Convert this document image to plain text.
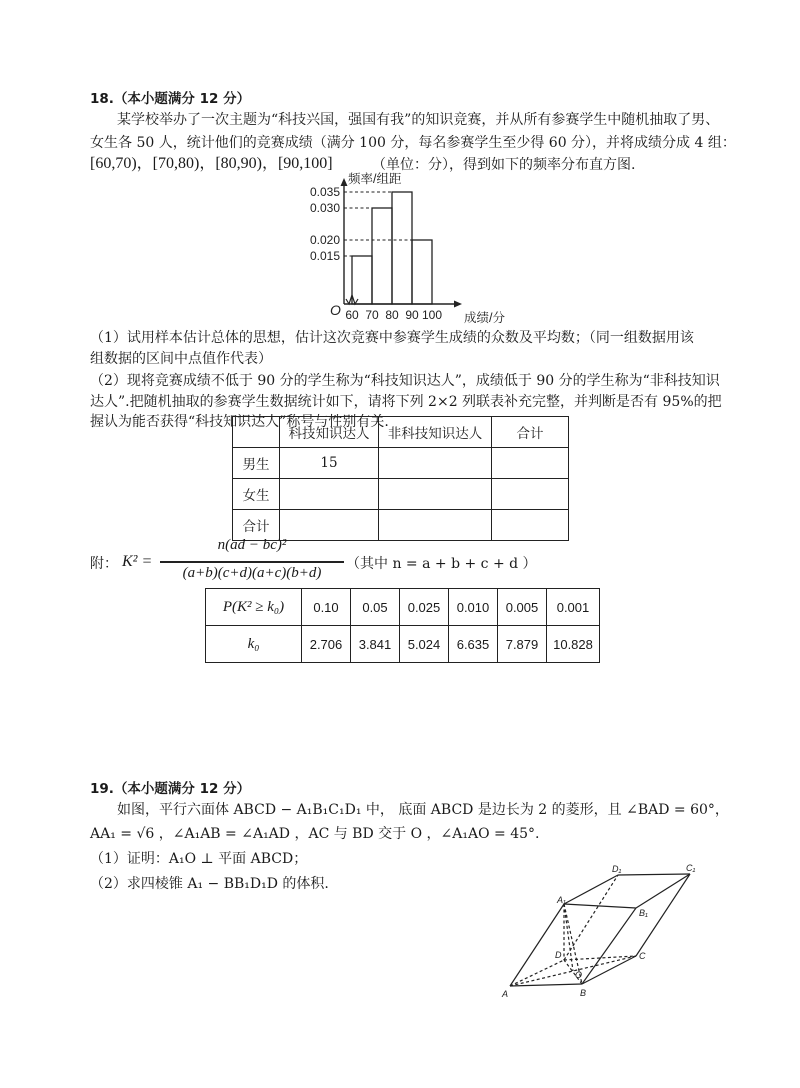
18.（本小题满分 12 分）
某学校举办了一次主题为“科技兴国，强国有我”的知识竞赛，并从所有参赛学生中随机抽取了男、
女生各 50 人，统计他们的竞赛成绩（满分 100 分，每名参赛学生至少得 60 分），并将成绩分成 4 组：
[60,70)，[70,80)，[80,90)，[90,100]	（单位：分），得到如下的频率分布直方图.
0.015
0.020
0.030
0.035
60 70 80 90 100
频率/组距
成绩/分
O
（1）试用样本估计总体的思想，估计这次竞赛中参赛学生成绩的众数及平均数；（同一组数据用该
组数据的区间中点值作代表）
（2）现将竞赛成绩不低于 90 分的学生称为“科技知识达人”，成绩低于 90 分的学生称为“非科技知识
达人”.把随机抽取的参赛学生数据统计如下，请将下列 2×2 列联表补充完整，并判断是否有 95%的把
握认为能否获得“科技知识达人”称号与性别有关.
	科技知识达人	非科技知识达人	合计
男生	15		
女生			
合计			
附： K² =
n(ad − bc)²
(a+b)(c+d)(a+c)(b+d)
（其中 n = a + b + c + d ）
P(K² ≥ k₀)	0.10	0.05	0.025	0.010	0.005	0.001
k₀	2.706	3.841	5.024	6.635	7.879	10.828
19.（本小题满分 12 分）
如图，平行六面体 ABCD − A₁B₁C₁D₁ 中， 底面 ABCD 是边长为 2 的菱形，且 ∠BAD = 60°，
AA₁ = √6 ，∠A₁AB = ∠A₁AD ，AC 与 BD 交于 O ，∠A₁AO = 45°.
（1）证明：A₁O ⊥ 平面 ABCD；
（2）求四棱锥 A₁ − BB₁D₁D 的体积.
A	B
C
D
O
A₁
B₁
C₁
D₁
